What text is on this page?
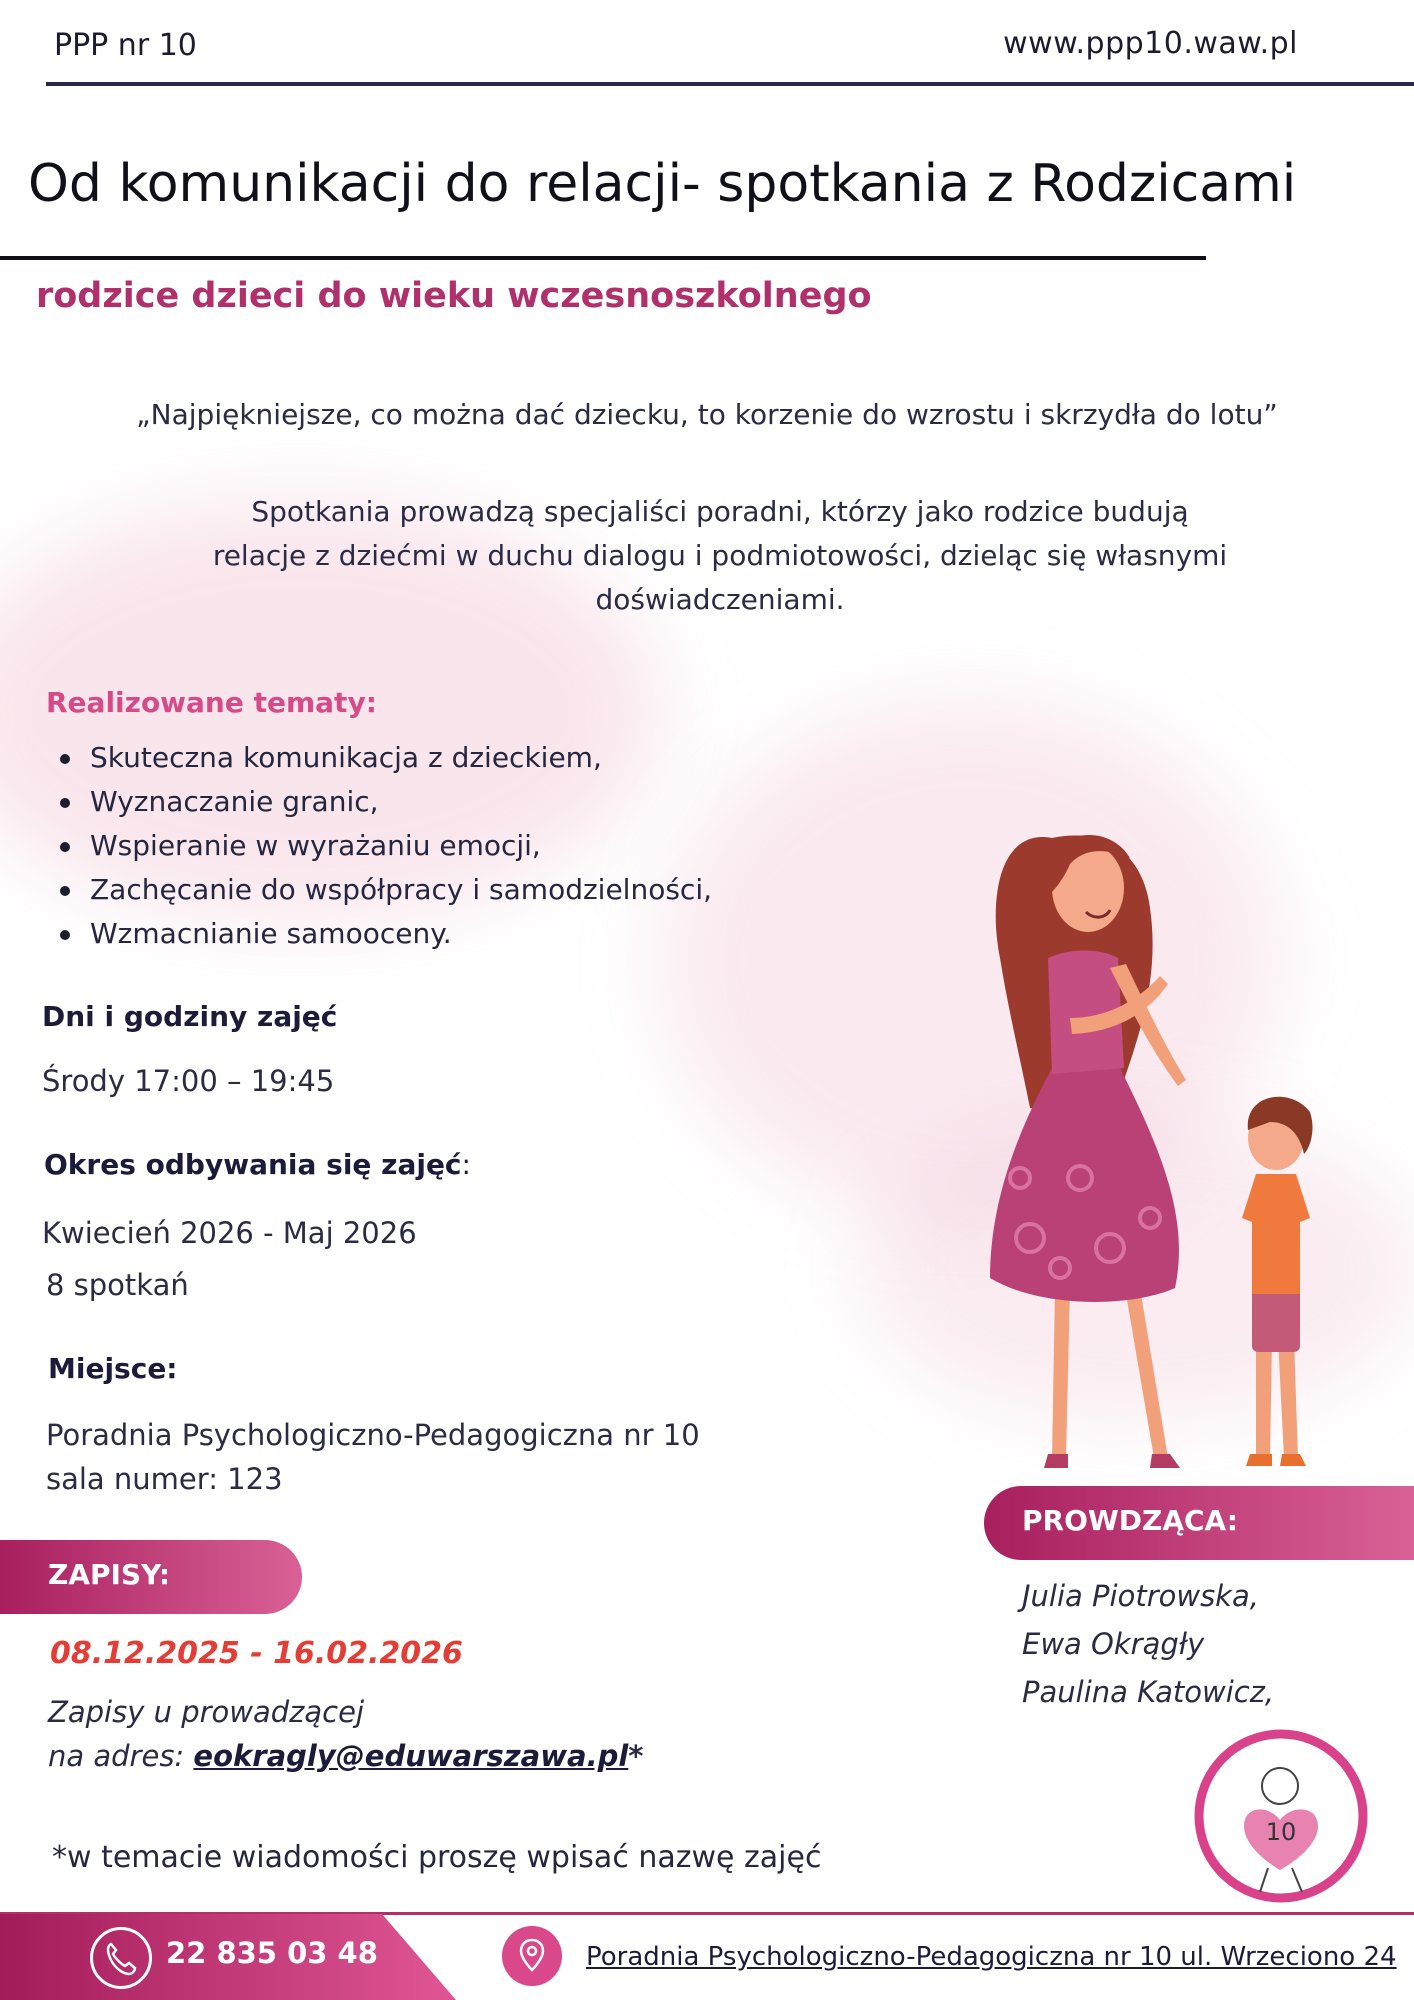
PPP nr 10	www.ppp10.waw.pl
Od komunikacji do relacji- spotkania z Rodzicami
rodzice dzieci do wieku wczesnoszkolnego
„Najpiękniejsze, co można dać dziecku, to korzenie do wzrostu i skrzydła do lotu”
Spotkania prowadzą specjaliści poradni, którzy jako rodzice budują
relacje z dziećmi w duchu dialogu i podmiotowości, dzieląc się własnymi
doświadczeniami.
Realizowane tematy:
Skuteczna komunikacja z dzieckiem,
Wyznaczanie granic,
Wspieranie w wyrażaniu emocji,
Zachęcanie do współpracy i samodzielności,
Wzmacnianie samooceny.
Dni i godziny zajęć
Środy 17:00 – 19:45
Okres odbywania się zajęć:
Kwiecień 2026 - Maj 2026
8 spotkań
Miejsce:
Poradnia Psychologiczno-Pedagogiczna nr 10
sala numer: 123
ZAPISY:
08.12.2025 - 16.02.2026
Zapisy u prowadzącej
na adres: eokragly@eduwarszawa.pl*
*w temacie wiadomości proszę wpisać nazwę zajęć
PROWDZĄCA:
Julia Piotrowska,
Ewa Okrągły
Paulina Katowicz,
10
22 835 03 48	Poradnia Psychologiczno-Pedagogiczna nr 10 ul. Wrzeciono 24
